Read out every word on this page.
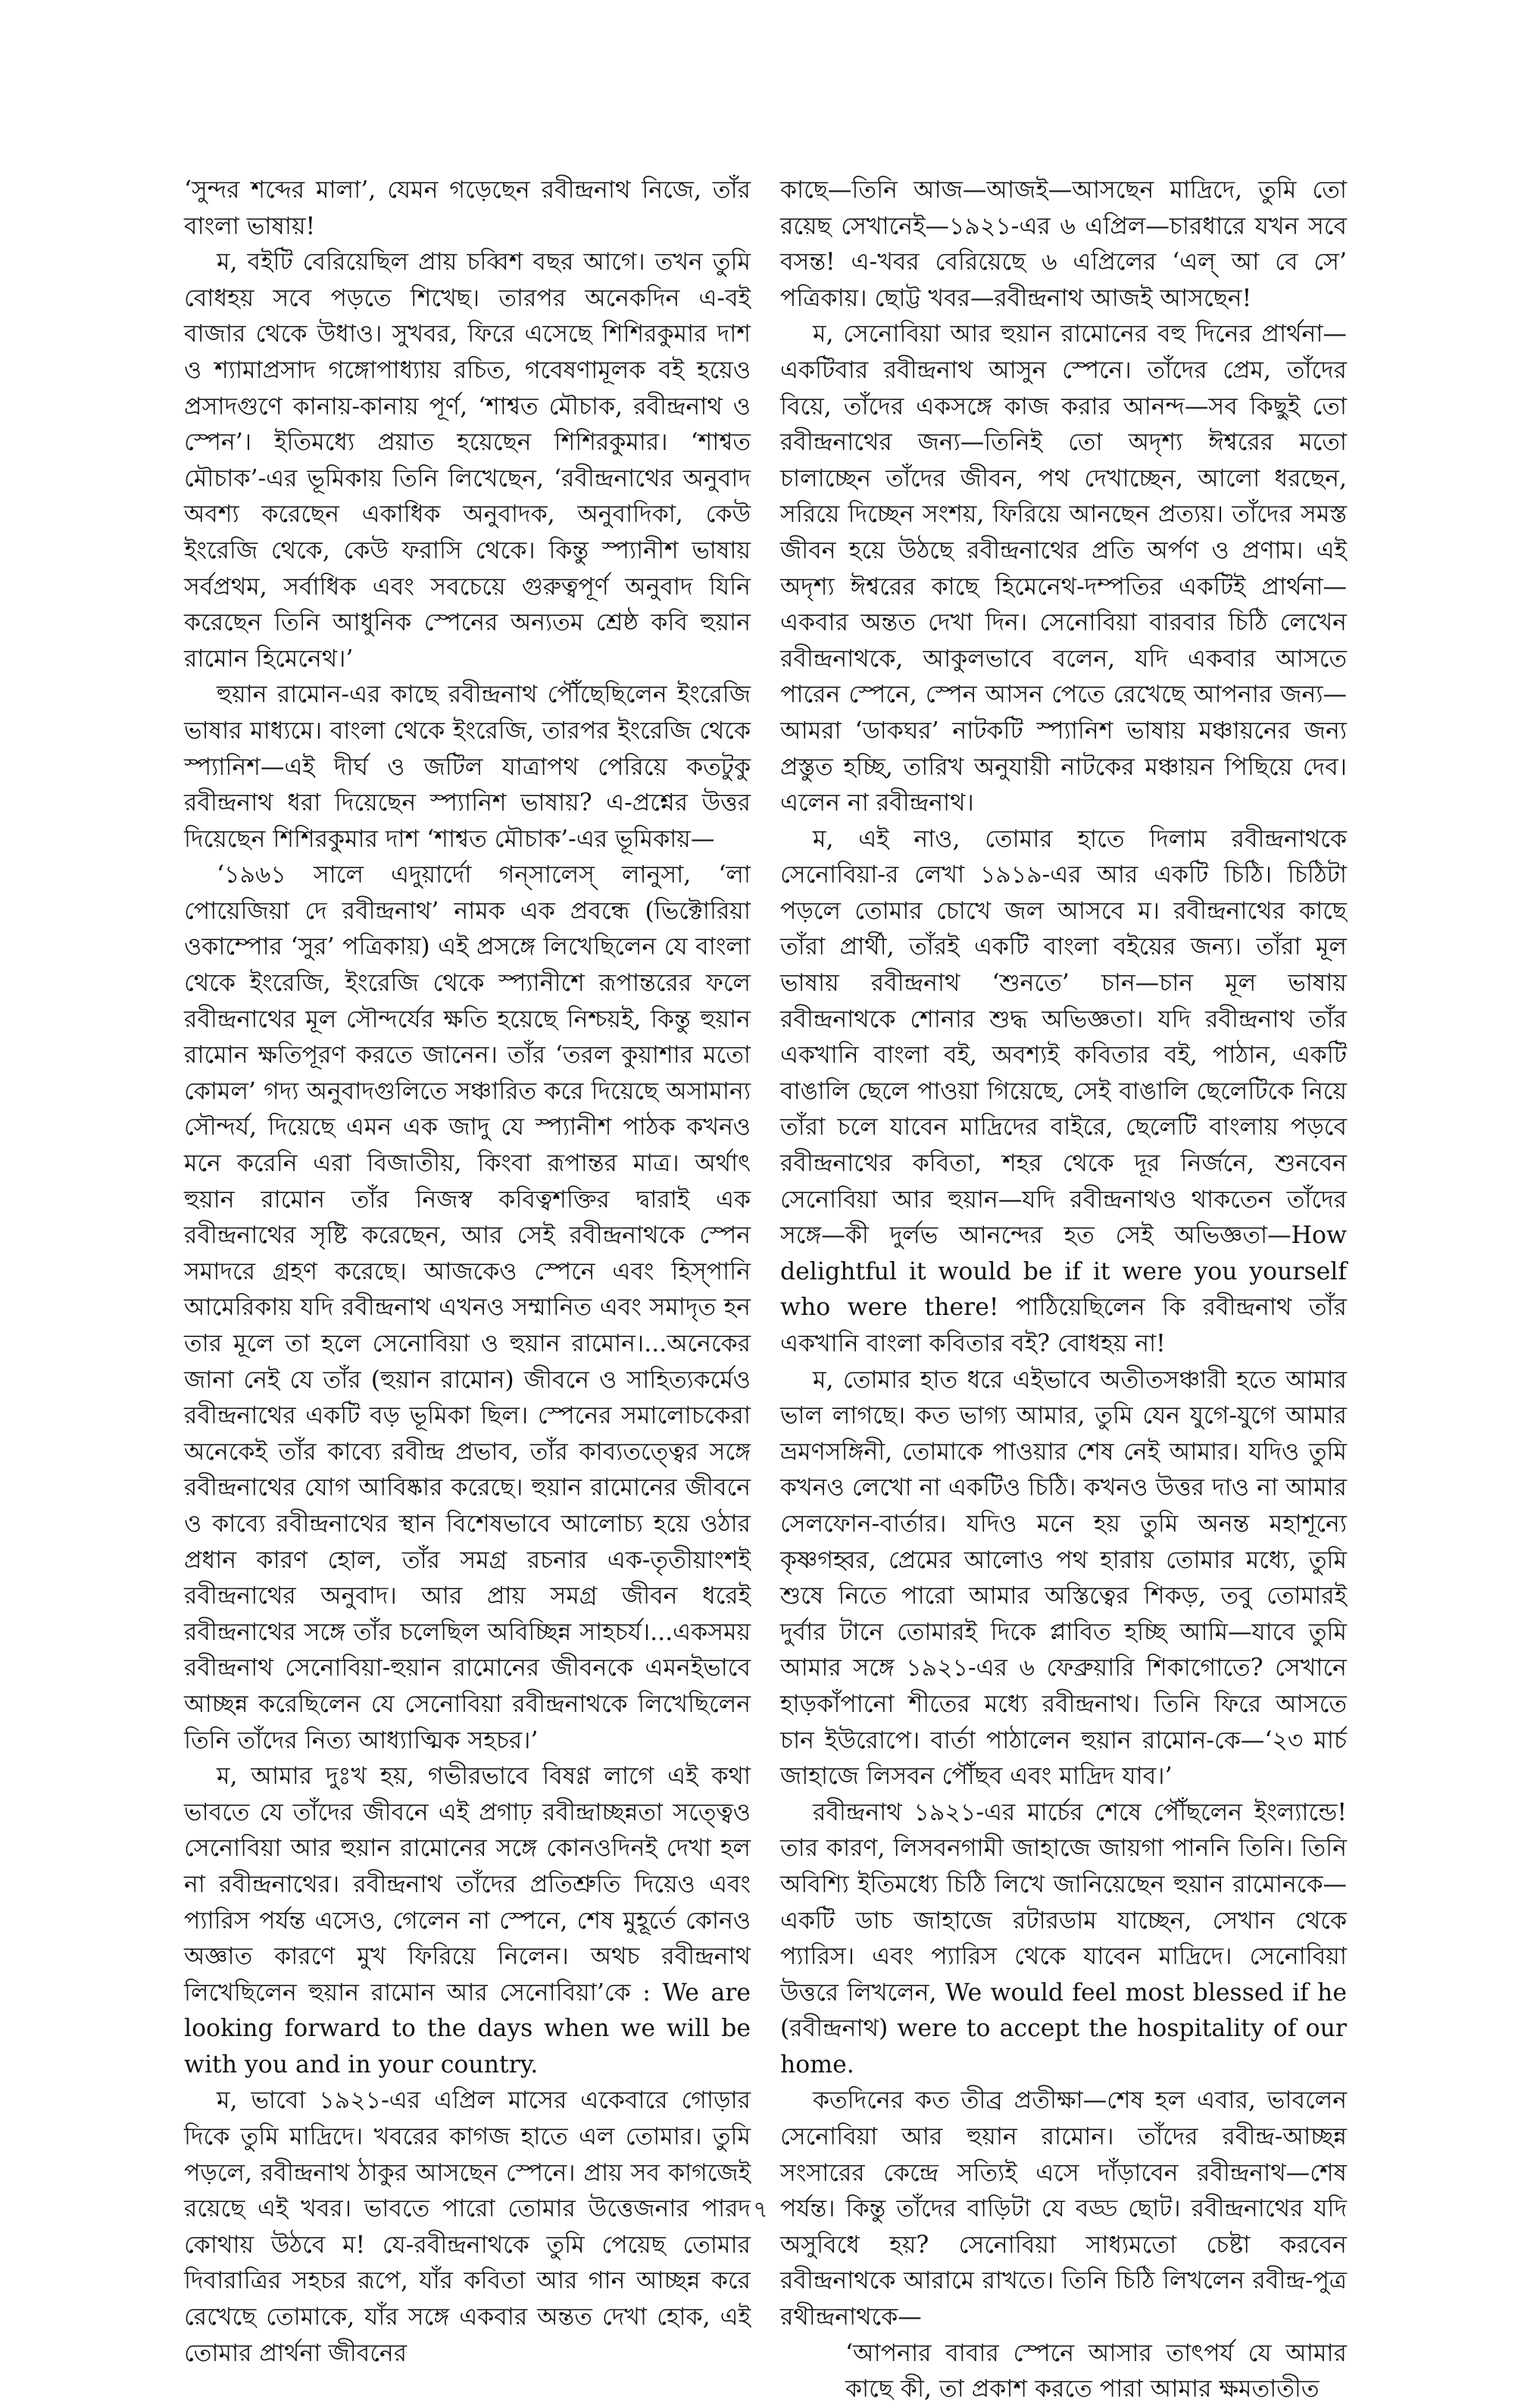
‘সুন্দর শব্দের মালা’, যেমন গড়েছেন রবীন্দ্রনাথ নিজে, তাঁর বাংলা ভাষায়!

ম, বইটি বেরিয়েছিল প্রায় চব্বিশ বছর আগে। তখন তুমি বোধহয় সবে পড়তে শিখেছ। তারপর অনেকদিন এ-বই বাজার থেকে উধাও। সুখবর, ফিরে এসেছে শিশিরকুমার দাশ ও শ্যামাপ্রসাদ গঙ্গোপাধ্যায় রচিত, গবেষণামূলক বই হয়েও প্রসাদগুণে কানায়-কানায় পূর্ণ, ‘শাশ্বত মৌচাক, রবীন্দ্রনাথ ও স্পেন’। ইতিমধ্যে প্রয়াত হয়েছেন শিশিরকুমার। ‘শাশ্বত মৌচাক’-এর ভূমিকায় তিনি লিখেছেন, ‘রবীন্দ্রনাথের অনুবাদ অবশ্য করেছেন একাধিক অনুবাদক, অনুবাদিকা, কেউ ইংরেজি থেকে, কেউ ফরাসি থেকে। কিন্তু স্প্যানীশ ভাষায় সর্বপ্রথম, সর্বাধিক এবং সবচেয়ে গুরুত্বপূর্ণ অনুবাদ যিনি করেছেন তিনি আধুনিক স্পেনের অন্যতম শ্রেষ্ঠ কবি হুয়ান রামোন হিমেনেথ।’

হুয়ান রামোন-এর কাছে রবীন্দ্রনাথ পৌঁছেছিলেন ইংরেজি ভাষার মাধ্যমে। বাংলা থেকে ইংরেজি, তারপর ইংরেজি থেকে স্প্যানিশ—এই দীর্ঘ ও জটিল যাত্রাপথ পেরিয়ে কতটুকু রবীন্দ্রনাথ ধরা দিয়েছেন স্প্যানিশ ভাষায়? এ-প্রশ্নের উত্তর দিয়েছেন শিশিরকুমার দাশ ‘শাশ্বত মৌচাক’-এর ভূমিকায়—

‘১৯৬১ সালে এদুয়ার্দো গন্‌সালেস্ লানুসা, ‘লা পোয়েজিয়া দে রবীন্দ্রনাথ’ নামক এক প্রবন্ধে (ভিক্টোরিয়া ওকাম্পোর ‘সুর’ পত্রিকায়) এই প্রসঙ্গে লিখেছিলেন যে বাংলা থেকে ইংরেজি, ইংরেজি থেকে স্প্যানীশে রূপান্তরের ফলে রবীন্দ্রনাথের মূল সৌন্দর্যের ক্ষতি হয়েছে নিশ্চয়ই, কিন্তু হুয়ান রামোন ক্ষতিপূরণ করতে জানেন। তাঁর ‘তরল কুয়াশার মতো কোমল’ গদ্য অনুবাদগুলিতে সঞ্চারিত করে দিয়েছে অসামান্য সৌন্দর্য, দিয়েছে এমন এক জাদু যে স্প্যানীশ পাঠক কখনও মনে করেনি এরা বিজাতীয়, কিংবা রূপান্তর মাত্র। অর্থাৎ হুয়ান রামোন তাঁর নিজস্ব কবিত্বশক্তির দ্বারাই এক রবীন্দ্রনাথের সৃষ্টি করেছেন, আর সেই রবীন্দ্রনাথকে স্পেন সমাদরে গ্রহণ করেছে। আজকেও স্পেনে এবং হিস্‌পানি আমেরিকায় যদি রবীন্দ্রনাথ এখনও সম্মানিত এবং সমাদৃত হন তার মূলে তা হলে সেনোবিয়া ও হুয়ান রামোন।...অনেকের জানা নেই যে তাঁর (হুয়ান রামোন) জীবনে ও সাহিত্যকর্মেও রবীন্দ্রনাথের একটি বড় ভূমিকা ছিল। স্পেনের সমালোচকেরা অনেকেই তাঁর কাব্যে রবীন্দ্র প্রভাব, তাঁর কাব্যতত্ত্বের সঙ্গে রবীন্দ্রনাথের যোগ আবিষ্কার করেছে। হুয়ান রামোনের জীবনে ও কাব্যে রবীন্দ্রনাথের স্থান বিশেষভাবে আলোচ্য হয়ে ওঠার প্রধান কারণ হোল, তাঁর সমগ্র রচনার এক-তৃতীয়াংশই রবীন্দ্রনাথের অনুবাদ। আর প্রায় সমগ্র জীবন ধরেই রবীন্দ্রনাথের সঙ্গে তাঁর চলেছিল অবিচ্ছিন্ন সাহচর্য।...একসময় রবীন্দ্রনাথ সেনোবিয়া-হুয়ান রামোনের জীবনকে এমনইভাবে আচ্ছন্ন করেছিলেন যে সেনোবিয়া রবীন্দ্রনাথকে লিখেছিলেন তিনি তাঁদের নিত্য আধ্যাত্মিক সহচর।’

ম, আমার দুঃখ হয়, গভীরভাবে বিষণ্ণ লাগে এই কথা ভাবতে যে তাঁদের জীবনে এই প্রগাঢ় রবীন্দ্রাচ্ছন্নতা সত্ত্বেও সেনোবিয়া আর হুয়ান রামোনের সঙ্গে কোনওদিনই দেখা হল না রবীন্দ্রনাথের। রবীন্দ্রনাথ তাঁদের প্রতিশ্রুতি দিয়েও এবং প্যারিস পর্যন্ত এসেও, গেলেন না স্পেনে, শেষ মুহূর্তে কোনও অজ্ঞাত কারণে মুখ ফিরিয়ে নিলেন। অথচ রবীন্দ্রনাথ লিখেছিলেন হুয়ান রামোন আর সেনোবিয়া’কে : We are looking forward to the days when we will be with you and in your country.

ম, ভাবো ১৯২১-এর এপ্রিল মাসের একেবারে গোড়ার দিকে তুমি মাদ্রিদে। খবরের কাগজ হাতে এল তোমার। তুমি পড়লে, রবীন্দ্রনাথ ঠাকুর আসছেন স্পেনে। প্রায় সব কাগজেই রয়েছে এই খবর। ভাবতে পারো তোমার উত্তেজনার পারদ কোথায় উঠবে ম! যে-রবীন্দ্রনাথকে তুমি পেয়েছ তোমার দিবারাত্রির সহচর রূপে, যাঁর কবিতা আর গান আচ্ছন্ন করে রেখেছে তোমাকে, যাঁর সঙ্গে একবার অন্তত দেখা হোক, এই তোমার প্রার্থনা জীবনের

কাছে—তিনি আজ—আজই—আসছেন মাদ্রিদে, তুমি তো রয়েছ সেখানেই—১৯২১-এর ৬ এপ্রিল—চারধারে যখন সবে বসন্ত! এ-খবর বেরিয়েছে ৬ এপ্রিলের ‘এল্ আ বে সে’ পত্রিকায়। ছোট্ট খবর—রবীন্দ্রনাথ আজই আসছেন!

ম, সেনোবিয়া আর হুয়ান রামোনের বহু দিনের প্রার্থনা—একটিবার রবীন্দ্রনাথ আসুন স্পেনে। তাঁদের প্রেম, তাঁদের বিয়ে, তাঁদের একসঙ্গে কাজ করার আনন্দ—সব কিছুই তো রবীন্দ্রনাথের জন্য—তিনিই তো অদৃশ্য ঈশ্বরের মতো চালাচ্ছেন তাঁদের জীবন, পথ দেখাচ্ছেন, আলো ধরছেন, সরিয়ে দিচ্ছেন সংশয়, ফিরিয়ে আনছেন প্রত্যয়। তাঁদের সমস্ত জীবন হয়ে উঠছে রবীন্দ্রনাথের প্রতি অর্পণ ও প্রণাম। এই অদৃশ্য ঈশ্বরের কাছে হিমেনেথ-দম্পতির একটিই প্রার্থনা—একবার অন্তত দেখা দিন। সেনোবিয়া বারবার চিঠি লেখেন রবীন্দ্রনাথকে, আকুলভাবে বলেন, যদি একবার আসতে পারেন স্পেনে, স্পেন আসন পেতে রেখেছে আপনার জন্য—আমরা ‘ডাকঘর’ নাটকটি স্প্যানিশ ভাষায় মঞ্চায়নের জন্য প্রস্তুত হচ্ছি, তারিখ অনুযায়ী নাটকের মঞ্চায়ন পিছিয়ে দেব। এলেন না রবীন্দ্রনাথ।

ম, এই নাও, তোমার হাতে দিলাম রবীন্দ্রনাথকে সেনোবিয়া-র লেখা ১৯১৯-এর আর একটি চিঠি। চিঠিটা পড়লে তোমার চোখে জল আসবে ম। রবীন্দ্রনাথের কাছে তাঁরা প্রার্থী, তাঁরই একটি বাংলা বইয়ের জন্য। তাঁরা মূল ভাষায় রবীন্দ্রনাথ ‘শুনতে’ চান—চান মূল ভাষায় রবীন্দ্রনাথকে শোনার শুদ্ধ অভিজ্ঞতা। যদি রবীন্দ্রনাথ তাঁর একখানি বাংলা বই, অবশ্যই কবিতার বই, পাঠান, একটি বাঙালি ছেলে পাওয়া গিয়েছে, সেই বাঙালি ছেলেটিকে নিয়ে তাঁরা চলে যাবেন মাদ্রিদের বাইরে, ছেলেটি বাংলায় পড়বে রবীন্দ্রনাথের কবিতা, শহর থেকে দূর নির্জনে, শুনবেন সেনোবিয়া আর হুয়ান—যদি রবীন্দ্রনাথও থাকতেন তাঁদের সঙ্গে—কী দুর্লভ আনন্দের হত সেই অভিজ্ঞতা—How delightful it would be if it were you yourself who were there! পাঠিয়েছিলেন কি রবীন্দ্রনাথ তাঁর একখানি বাংলা কবিতার বই? বোধহয় না!

ম, তোমার হাত ধরে এইভাবে অতীতসঞ্চারী হতে আমার ভাল লাগছে। কত ভাগ্য আমার, তুমি যেন যুগে-যুগে আমার ভ্রমণসঙ্গিনী, তোমাকে পাওয়ার শেষ নেই আমার। যদিও তুমি কখনও লেখো না একটিও চিঠি। কখনও উত্তর দাও না আমার সেলফোন-বার্তার। যদিও মনে হয় তুমি অনন্ত মহাশূন্যে কৃষ্ণগহ্বর, প্রেমের আলোও পথ হারায় তোমার মধ্যে, তুমি শুষে নিতে পারো আমার অস্তিত্বের শিকড়, তবু তোমারই দুর্বার টানে তোমারই দিকে প্লাবিত হচ্ছি আমি—যাবে তুমি আমার সঙ্গে ১৯২১-এর ৬ ফেব্রুয়ারি শিকাগোতে? সেখানে হাড়কাঁপানো শীতের মধ্যে রবীন্দ্রনাথ। তিনি ফিরে আসতে চান ইউরোপে। বার্তা পাঠালেন হুয়ান রামোন-কে—‘২৩ মার্চ জাহাজে লিসবন পৌঁছব এবং মাদ্রিদ যাব।’

রবীন্দ্রনাথ ১৯২১-এর মার্চের শেষে পৌঁছলেন ইংল্যান্ডে! তার কারণ, লিসবনগামী জাহাজে জায়গা পাননি তিনি। তিনি অবিশ্যি ইতিমধ্যে চিঠি লিখে জানিয়েছেন হুয়ান রামোনকে—একটি ডাচ জাহাজে রটারডাম যাচ্ছেন, সেখান থেকে প্যারিস। এবং প্যারিস থেকে যাবেন মাদ্রিদে। সেনোবিয়া উত্তরে লিখলেন, We would feel most blessed if he (রবীন্দ্রনাথ) were to accept the hospitality of our home.

কতদিনের কত তীব্র প্রতীক্ষা—শেষ হল এবার, ভাবলেন সেনোবিয়া আর হুয়ান রামোন। তাঁদের রবীন্দ্র-আচ্ছন্ন সংসারের কেন্দ্রে সত্যিই এসে দাঁড়াবেন রবীন্দ্রনাথ—শেষ পর্যন্ত। কিন্তু তাঁদের বাড়িটা যে বড্ড ছোট। রবীন্দ্রনাথের যদি অসুবিধে হয়? সেনোবিয়া সাধ্যমতো চেষ্টা করবেন রবীন্দ্রনাথকে আরামে রাখতে। তিনি চিঠি লিখলেন রবীন্দ্র-পুত্র রথীন্দ্রনাথকে—

‘আপনার বাবার স্পেনে আসার তাৎপর্য যে আমার কাছে কী, তা প্রকাশ করতে পারা আমার ক্ষমতাতীত

৭
